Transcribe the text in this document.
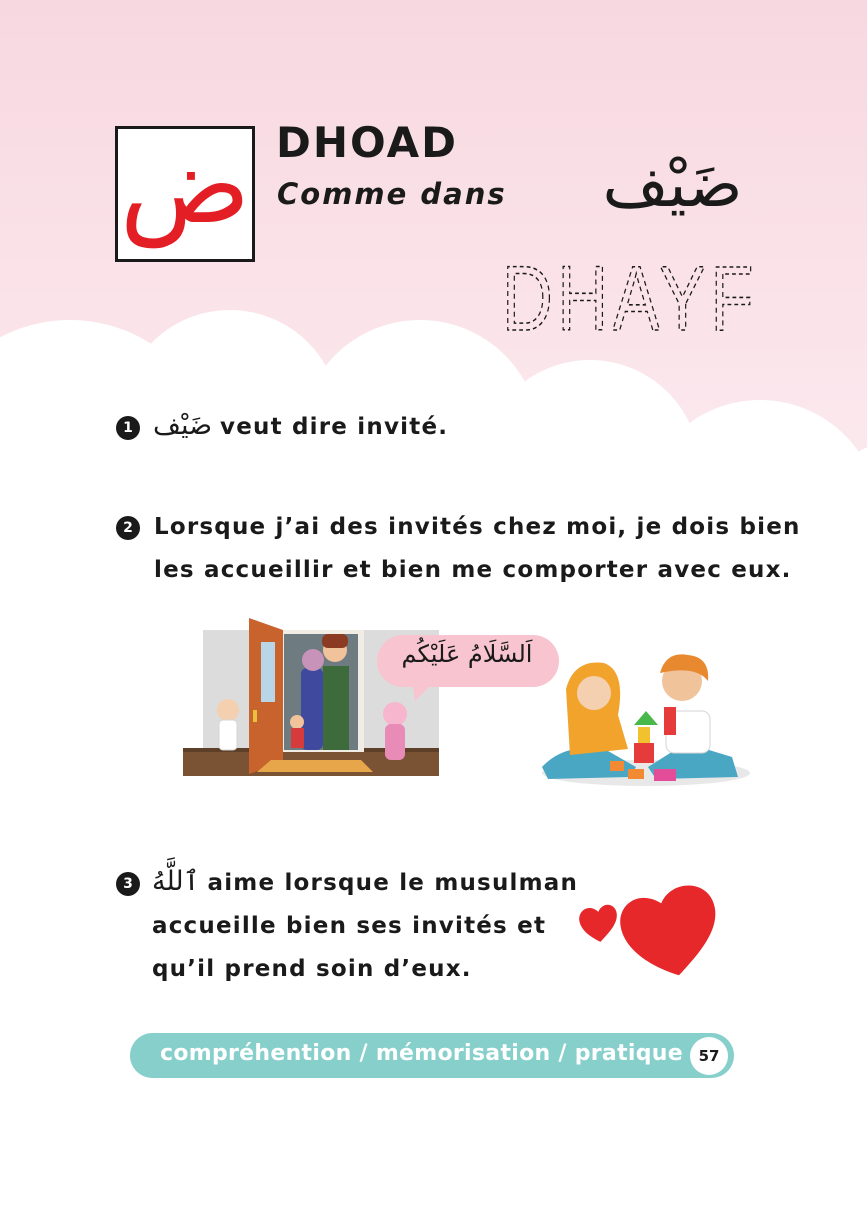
ض DHOAD
Comme dans ضَيْف
DHAYF
1 ضَيْف veut dire invité.
2 Lorsque j’ai des invités chez moi, je dois bien
les accueillir et bien me comporter avec eux.
اَلسَّلَامُ عَلَيْكُم
3 ٱللَّهُ aime lorsque le musulman
accueille bien ses invités et
qu’il prend soin d’eux.
compréhention / mémorisation / pratique	57
